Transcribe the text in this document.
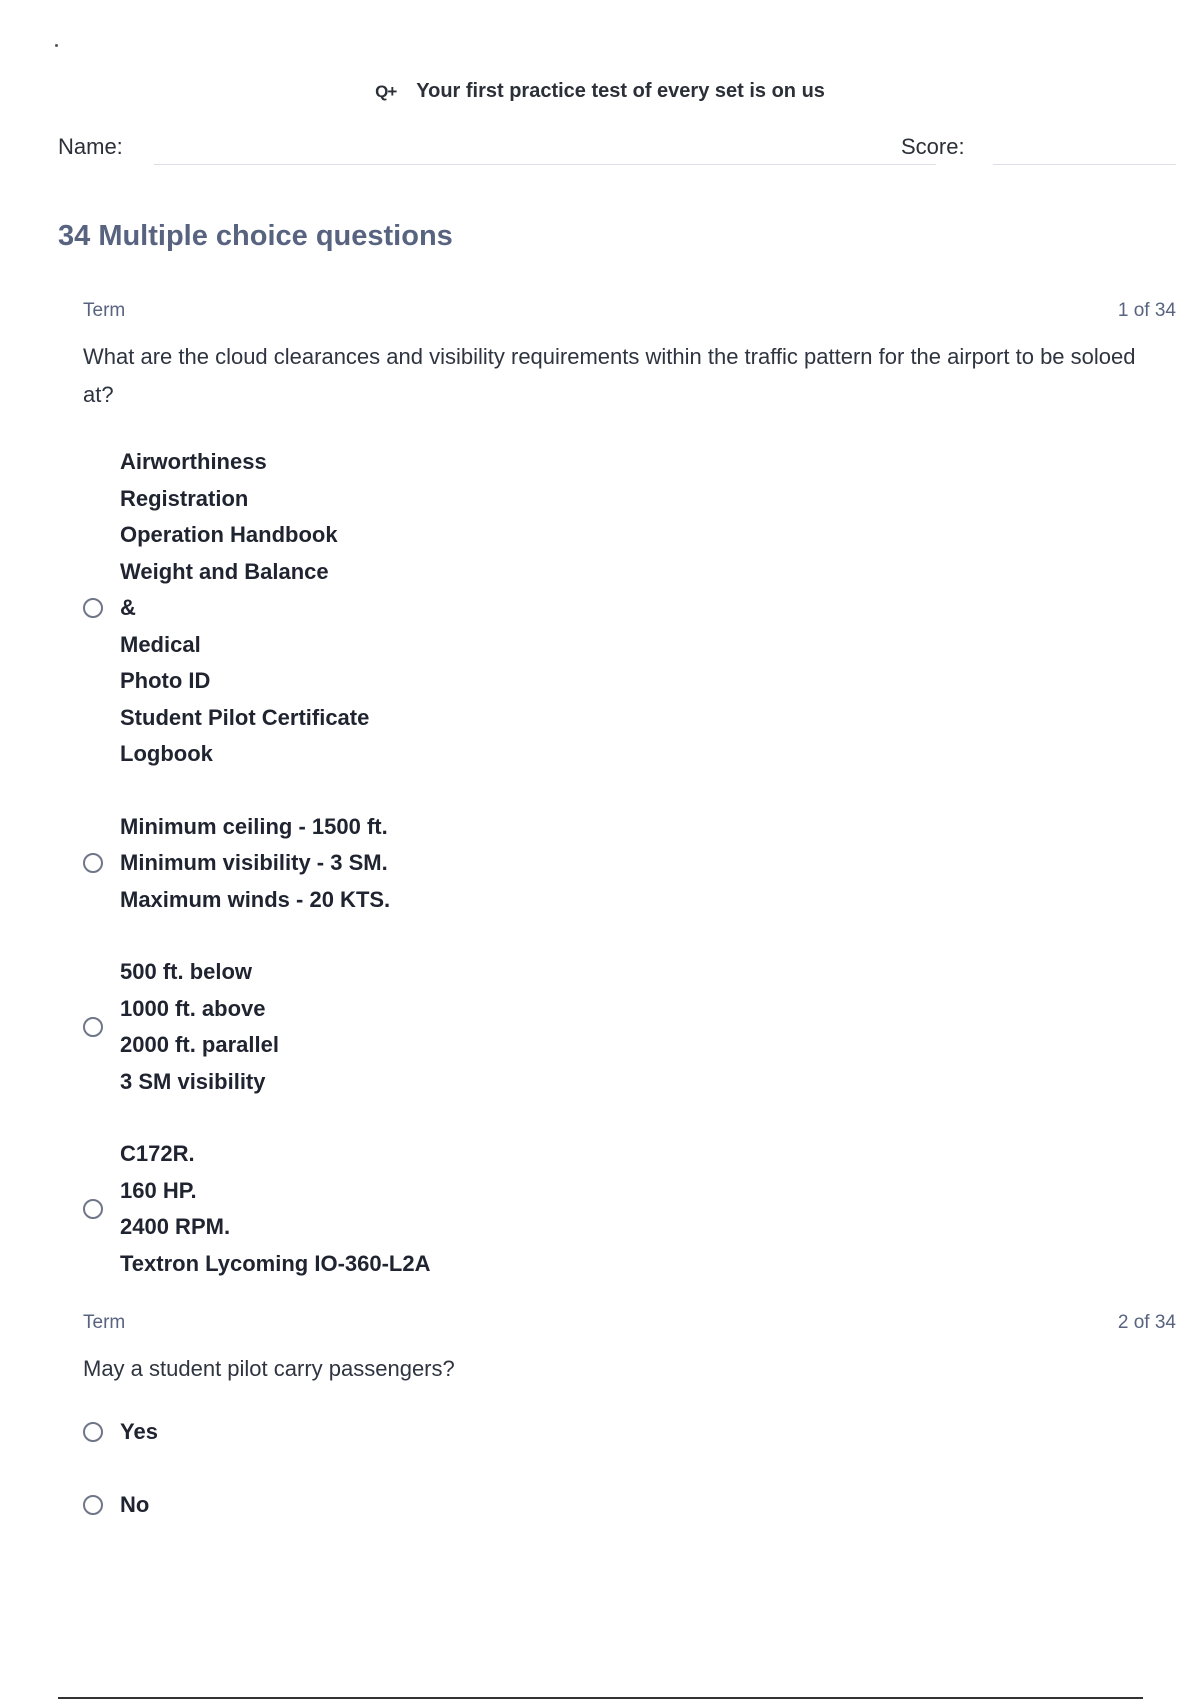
Q+ Your first practice test of every set is on us
Name:	Score:
34 Multiple choice questions
Term	1 of 34
What are the cloud clearances and visibility requirements within the traffic pattern for the airport to be soloed at?
Airworthiness
Registration
Operation Handbook
Weight and Balance
&
Medical
Photo ID
Student Pilot Certificate
Logbook
Minimum ceiling - 1500 ft.
Minimum visibility - 3 SM.
Maximum winds - 20 KTS.
500 ft. below
1000 ft. above
2000 ft. parallel
3 SM visibility
C172R.
160 HP.
2400 RPM.
Textron Lycoming IO-360-L2A
Term	2 of 34
May a student pilot carry passengers?
Yes
No
